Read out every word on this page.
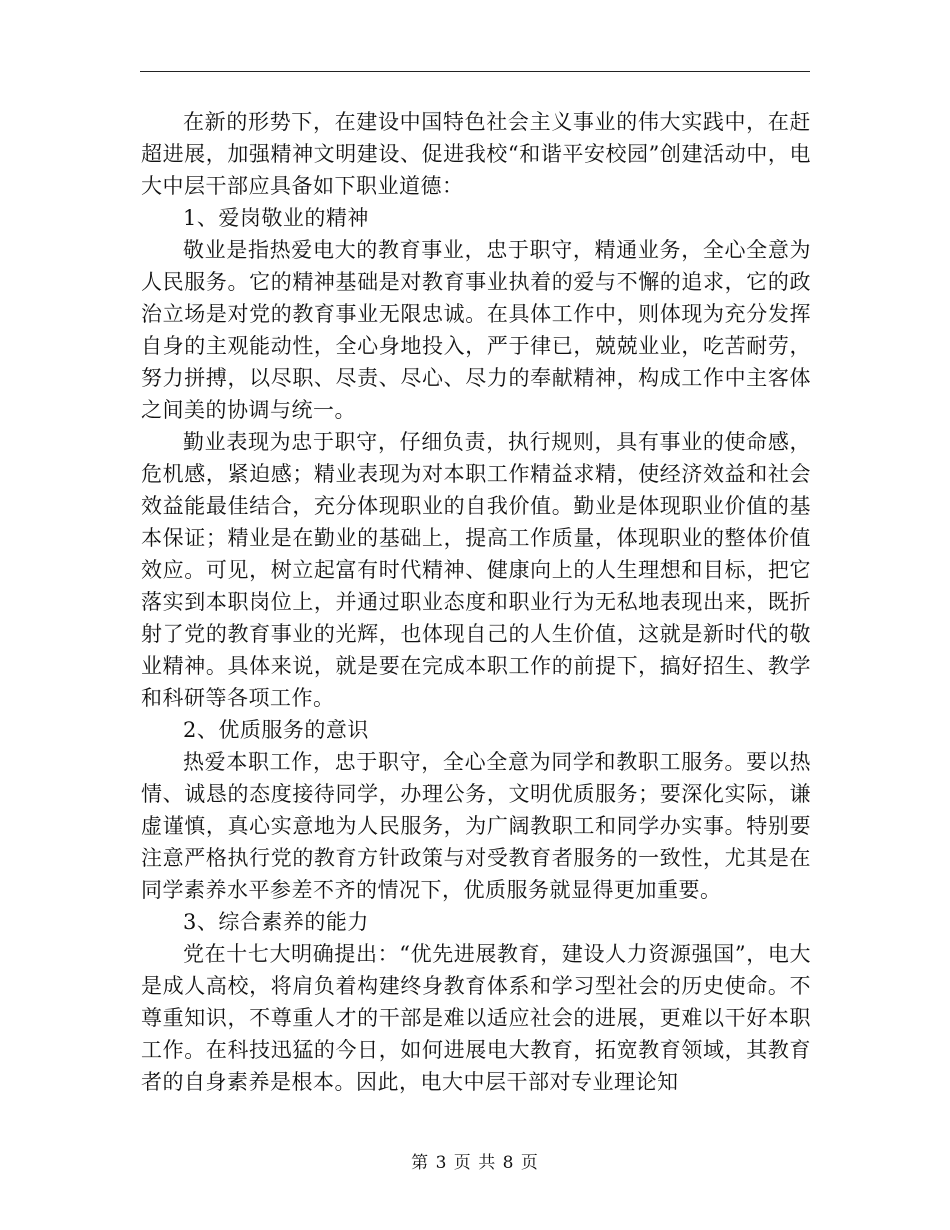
在新的形势下，在建设中国特色社会主义事业的伟大实践中，在赶超进展，加强精神文明建设、促进我校“和谐平安校园”创建活动中，电大中层干部应具备如下职业道德：

1、爱岗敬业的精神

敬业是指热爱电大的教育事业，忠于职守，精通业务，全心全意为人民服务。它的精神基础是对教育事业执着的爱与不懈的追求，它的政治立场是对党的教育事业无限忠诚。在具体工作中，则体现为充分发挥自身的主观能动性，全心身地投入，严于律已，兢兢业业，吃苦耐劳，努力拼搏，以尽职、尽责、尽心、尽力的奉献精神，构成工作中主客体之间美的协调与统一。

勤业表现为忠于职守，仔细负责，执行规则，具有事业的使命感，危机感，紧迫感；精业表现为对本职工作精益求精，使经济效益和社会效益能最佳结合，充分体现职业的自我价值。勤业是体现职业价值的基本保证；精业是在勤业的基础上，提高工作质量，体现职业的整体价值效应。可见，树立起富有时代精神、健康向上的人生理想和目标，把它落实到本职岗位上，并通过职业态度和职业行为无私地表现出来，既折射了党的教育事业的光辉，也体现自己的人生价值，这就是新时代的敬业精神。具体来说，就是要在完成本职工作的前提下，搞好招生、教学和科研等各项工作。

2、优质服务的意识

热爱本职工作，忠于职守，全心全意为同学和教职工服务。要以热情、诚恳的态度接待同学，办理公务，文明优质服务；要深化实际，谦虚谨慎，真心实意地为人民服务，为广阔教职工和同学办实事。特别要注意严格执行党的教育方针政策与对受教育者服务的一致性，尤其是在同学素养水平参差不齐的情况下，优质服务就显得更加重要。

3、综合素养的能力

党在十七大明确提出：“优先进展教育，建设人力资源强国”，电大是成人高校，将肩负着构建终身教育体系和学习型社会的历史使命。不尊重知识，不尊重人才的干部是难以适应社会的进展，更难以干好本职工作。在科技迅猛的今日，如何进展电大教育，拓宽教育领域，其教育者的自身素养是根本。因此，电大中层干部对专业理论知

第 3 页 共 8 页
